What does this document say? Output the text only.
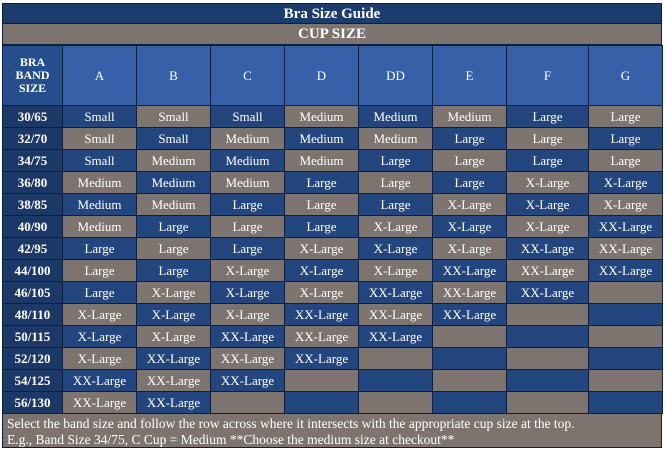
Bra Size Guide
CUP SIZE
BRA BAND SIZE	A	B	C	D	DD	E	F	G
30/65	Small	Small	Small	Medium	Medium	Medium	Large	Large
32/70	Small	Small	Medium	Medium	Medium	Large	Large	Large
34/75	Small	Medium	Medium	Medium	Large	Large	Large	Large
36/80	Medium	Medium	Medium	Large	Large	Large	X-Large	X-Large
38/85	Medium	Medium	Large	Large	Large	X-Large	X-Large	X-Large
40/90	Medium	Large	Large	Large	X-Large	X-Large	X-Large	XX-Large
42/95	Large	Large	Large	X-Large	X-Large	X-Large	XX-Large	XX-Large
44/100	Large	Large	X-Large	X-Large	X-Large	XX-Large	XX-Large	XX-Large
46/105	Large	X-Large	X-Large	X-Large	XX-Large	XX-Large	XX-Large	
48/110	X-Large	X-Large	X-Large	XX-Large	XX-Large	XX-Large		
50/115	X-Large	X-Large	XX-Large	XX-Large	XX-Large			
52/120	X-Large	XX-Large	XX-Large	XX-Large				
54/125	XX-Large	XX-Large	XX-Large					
56/130	XX-Large	XX-Large						
Select the band size and follow the row across where it intersects with the appropriate cup size at the top.
E.g., Band Size 34/75, C Cup = Medium **Choose the medium size at checkout**
